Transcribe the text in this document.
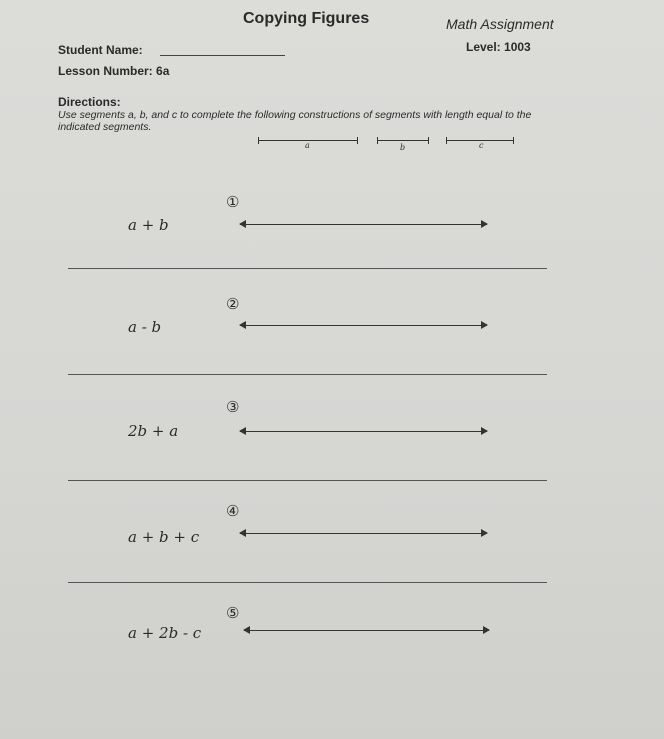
Copying Figures	Math Assignment
Student Name:	Level: 1003
Lesson Number: 6a
Directions:
Use segments a, b, and c to complete the following constructions of segments with length equal to the indicated segments.
a	b	c
①
a + b
②
a - b
③
2b + a
④
a + b + c
⑤
a + 2b - c
